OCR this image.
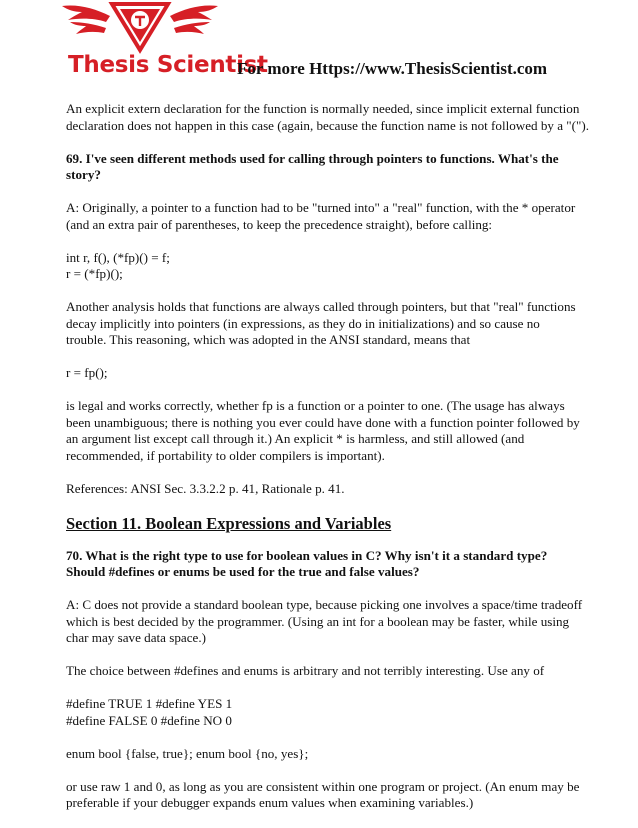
Thesis Scientist
For more Https://www.ThesisScientist.com

An explicit extern declaration for the function is normally needed, since implicit external function
declaration does not happen in this case (again, because the function name is not followed by a "(").

69. I've seen different methods used for calling through pointers to functions. What's the
story?

A: Originally, a pointer to a function had to be "turned into" a "real" function, with the * operator
(and an extra pair of parentheses, to keep the precedence straight), before calling:

int r, f(), (*fp)() = f;
r = (*fp)();

Another analysis holds that functions are always called through pointers, but that "real" functions
decay implicitly into pointers (in expressions, as they do in initializations) and so cause no
trouble. This reasoning, which was adopted in the ANSI standard, means that

r = fp();

is legal and works correctly, whether fp is a function or a pointer to one. (The usage has always
been unambiguous; there is nothing you ever could have done with a function pointer followed by
an argument list except call through it.) An explicit * is harmless, and still allowed (and
recommended, if portability to older compilers is important).

References: ANSI Sec. 3.3.2.2 p. 41, Rationale p. 41.

Section 11. Boolean Expressions and Variables

70. What is the right type to use for boolean values in C? Why isn't it a standard type?
Should #defines or enums be used for the true and false values?

A: C does not provide a standard boolean type, because picking one involves a space/time tradeoff
which is best decided by the programmer. (Using an int for a boolean may be faster, while using
char may save data space.)

The choice between #defines and enums is arbitrary and not terribly interesting. Use any of

#define TRUE 1 #define YES 1
#define FALSE 0 #define NO 0

enum bool {false, true}; enum bool {no, yes};

or use raw 1 and 0, as long as you are consistent within one program or project. (An enum may be
preferable if your debugger expands enum values when examining variables.)
